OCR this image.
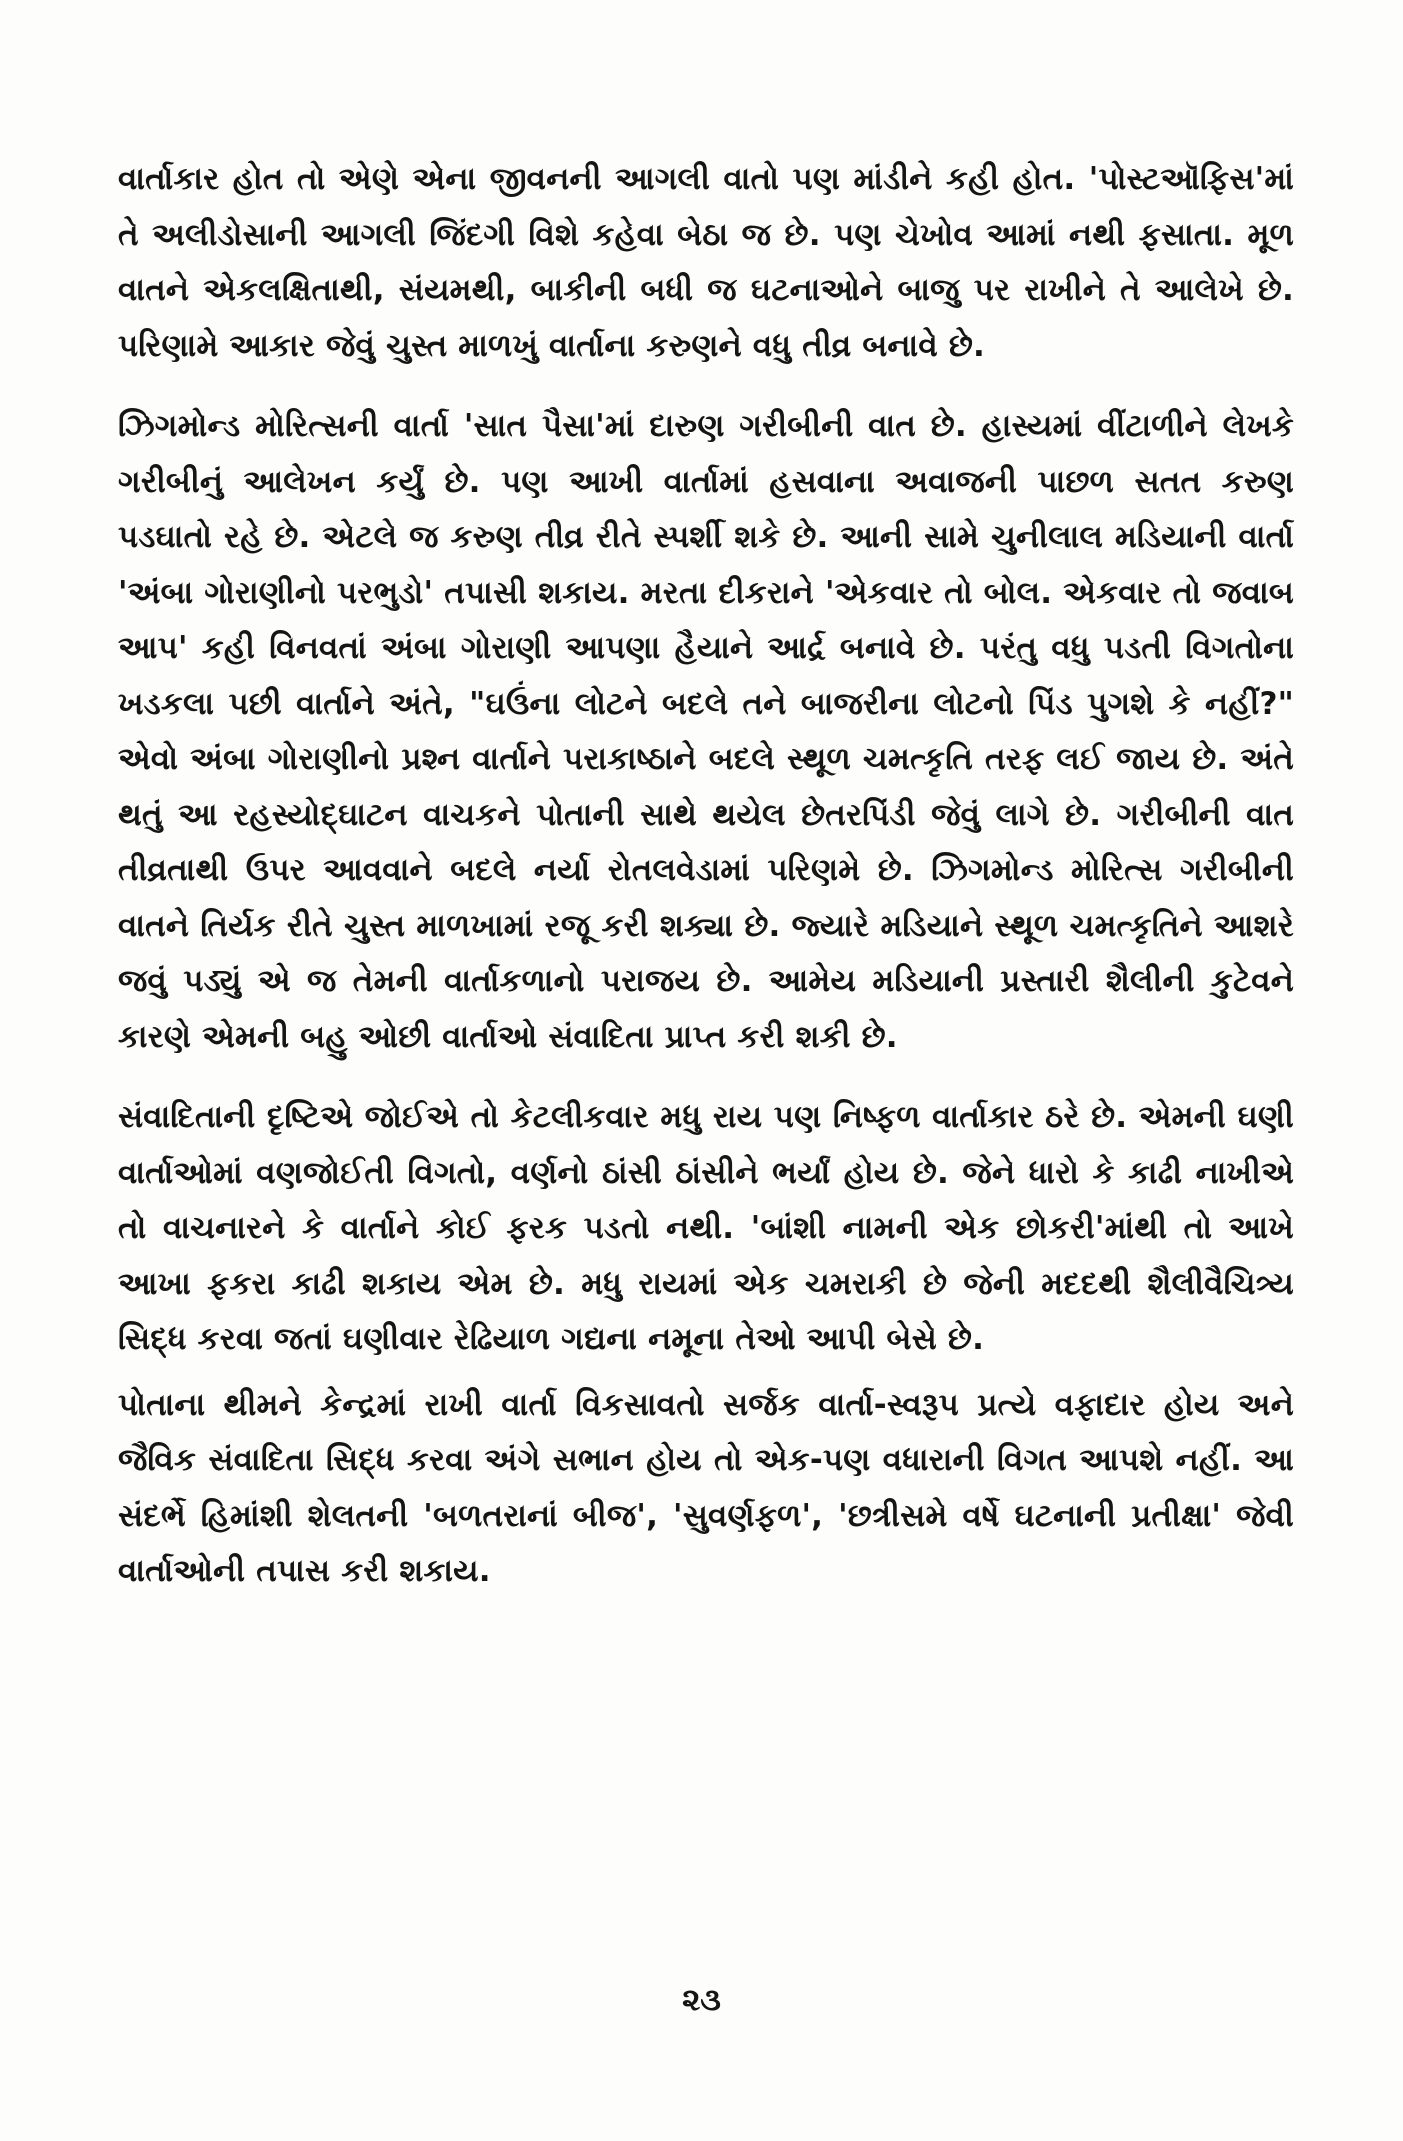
વાર્તાકાર હોત તો એણે એના જીવનની આગલી વાતો પણ માંડીને કહી હોત. 'પોસ્ટઑફિસ'માં તે અલીડોસાની આગલી જિંદગી વિશે કહેવા બેઠા જ છે. પણ ચેખોવ આમાં નથી ફસાતા. મૂળ વાતને એકલક્ષિતાથી, સંયમથી, બાકીની બધી જ ઘટનાઓને બાજુ પર રાખીને તે આલેખે છે. પરિણામે આકાર જેવું ચુસ્ત માળખું વાર્તાના કરુણને વધુ તીવ્ર બનાવે છે.

ઝિગમોન્ડ મોરિત્સની વાર્તા 'સાત પૈસા'માં દારુણ ગરીબીની વાત છે. હાસ્યમાં વીંટાળીને લેખકે ગરીબીનું આલેખન કર્યું છે. પણ આખી વાર્તામાં હસવાના અવાજની પાછળ સતત કરુણ પડઘાતો રહે છે. એટલે જ કરુણ તીવ્ર રીતે સ્પર્શી શકે છે. આની સામે ચુનીલાલ મડિયાની વાર્તા 'અંબા ગોરાણીનો પરભુડો' તપાસી શકાય. મરતા દીકરાને 'એકવાર તો બોલ. એકવાર તો જવાબ આપ' કહી વિનવતાં અંબા ગોરાણી આપણા હૈયાને આર્દ્ર બનાવે છે. પરંતુ વધુ પડતી વિગતોના ખડકલા પછી વાર્તાને અંતે, "ઘઉંના લોટને બદલે તને બાજરીના લોટનો પિંડ પુગશે કે નહીં?" એવો અંબા ગોરાણીનો પ્રશ્ન વાર્તાને પરાકાષ્ઠાને બદલે સ્થૂળ ચમત્કૃતિ તરફ લઈ જાય છે. અંતે થતું આ રહસ્યોદ્ઘાટન વાચકને પોતાની સાથે થયેલ છેતરપિંડી જેવું લાગે છે. ગરીબીની વાત તીવ્રતાથી ઉપર આવવાને બદલે નર્યા રોતલવેડામાં પરિણમે છે. ઝિગમોન્ડ મોરિત્સ ગરીબીની વાતને તિર્યક રીતે ચુસ્ત માળખામાં રજૂ કરી શક્યા છે. જ્યારે મડિયાને સ્થૂળ ચમત્કૃતિને આશરે જવું પડ્યું એ જ તેમની વાર્તાકળાનો પરાજય છે. આમેય મડિયાની પ્રસ્તારી શૈલીની કુટેવને કારણે એમની બહુ ઓછી વાર્તાઓ સંવાદિતા પ્રાપ્ત કરી શકી છે.

સંવાદિતાની દૃષ્ટિએ જોઈએ તો કેટલીકવાર મધુ રાય પણ નિષ્ફળ વાર્તાકાર ઠરે છે. એમની ઘણી વાર્તાઓમાં વણજોઈતી વિગતો, વર્ણનો ઠાંસી ઠાંસીને ભર્યાં હોય છે. જેને ધારો કે કાઢી નાખીએ તો વાચનારને કે વાર્તાને કોઈ ફરક પડતો નથી. 'બાંશી નામની એક છોકરી'માંથી તો આખે આખા ફકરા કાઢી શકાય એમ છે. મધુ રાયમાં એક ચમરાકી છે જેની મદદથી શૈલીવૈચિત્ર્ય સિદ્ધ કરવા જતાં ઘણીવાર રેઢિયાળ ગદ્યના નમૂના તેઓ આપી બેસે છે.

પોતાના થીમને કેન્દ્રમાં રાખી વાર્તા વિકસાવતો સર્જક વાર્તા-સ્વરૂપ પ્રત્યે વફાદાર હોય અને જૈવિક સંવાદિતા સિદ્ધ કરવા અંગે સભાન હોય તો એક-પણ વધારાની વિગત આપશે નહીં. આ સંદર્ભે હિમાંશી શેલતની 'બળતરાનાં બીજ', 'સુવર્ણફળ', 'છત્રીસમે વર્ષે ઘટનાની પ્રતીક્ષા' જેવી વાર્તાઓની તપાસ કરી શકાય.

૨૩
